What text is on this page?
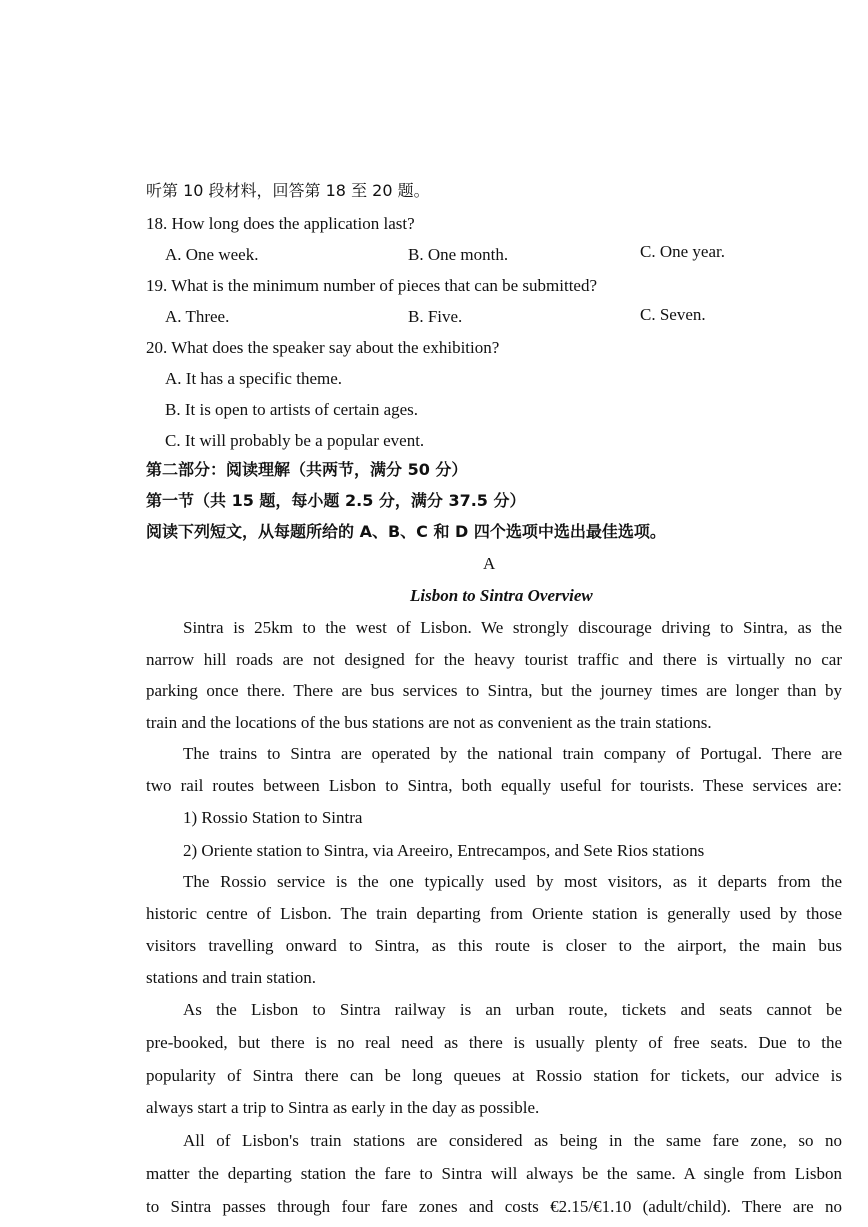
听第 10 段材料，回答第 18 至 20 题。
18. How long does the application last?
A. One week.	B. One month.	C. One year.
19. What is the minimum number of pieces that can be submitted?
A. Three.	B. Five.	C. Seven.
20. What does the speaker say about the exhibition?
A. It has a specific theme.
B. It is open to artists of certain ages.
C. It will probably be a popular event.
第二部分：阅读理解（共两节，满分 50 分）
第一节（共 15 题，每小题 2.5 分，满分 37.5 分）
阅读下列短文，从每题所给的 A、B、C 和 D 四个选项中选出最佳选项。
A
Lisbon to Sintra Overview
Sintra is 25km to the west of Lisbon. We strongly discourage driving to Sintra, as the
narrow hill roads are not designed for the heavy tourist traffic and there is virtually no car
parking once there. There are bus services to Sintra, but the journey times are longer than by
train and the locations of the bus stations are not as convenient as the train stations.
The trains to Sintra are operated by the national train company of Portugal. There are
two rail routes between Lisbon to Sintra, both equally useful for tourists. These services are:
1) Rossio Station to Sintra
2) Oriente station to Sintra, via Areeiro, Entrecampos, and Sete Rios stations
The Rossio service is the one typically used by most visitors, as it departs from the
historic centre of Lisbon. The train departing from Oriente station is generally used by those
visitors travelling onward to Sintra, as this route is closer to the airport, the main bus
stations and train station.
As the Lisbon to Sintra railway is an urban route, tickets and seats cannot be
pre-booked, but there is no real need as there is usually plenty of free seats. Due to the
popularity of Sintra there can be long queues at Rossio station for tickets, our advice is
always start a trip to Sintra as early in the day as possible.
All of Lisbon's train stations are considered as being in the same fare zone, so no
matter the departing station the fare to Sintra will always be the same. A single from Lisbon
to Sintra passes through four fare zones and costs €2.15/€1.10 (adult/child). There are no
